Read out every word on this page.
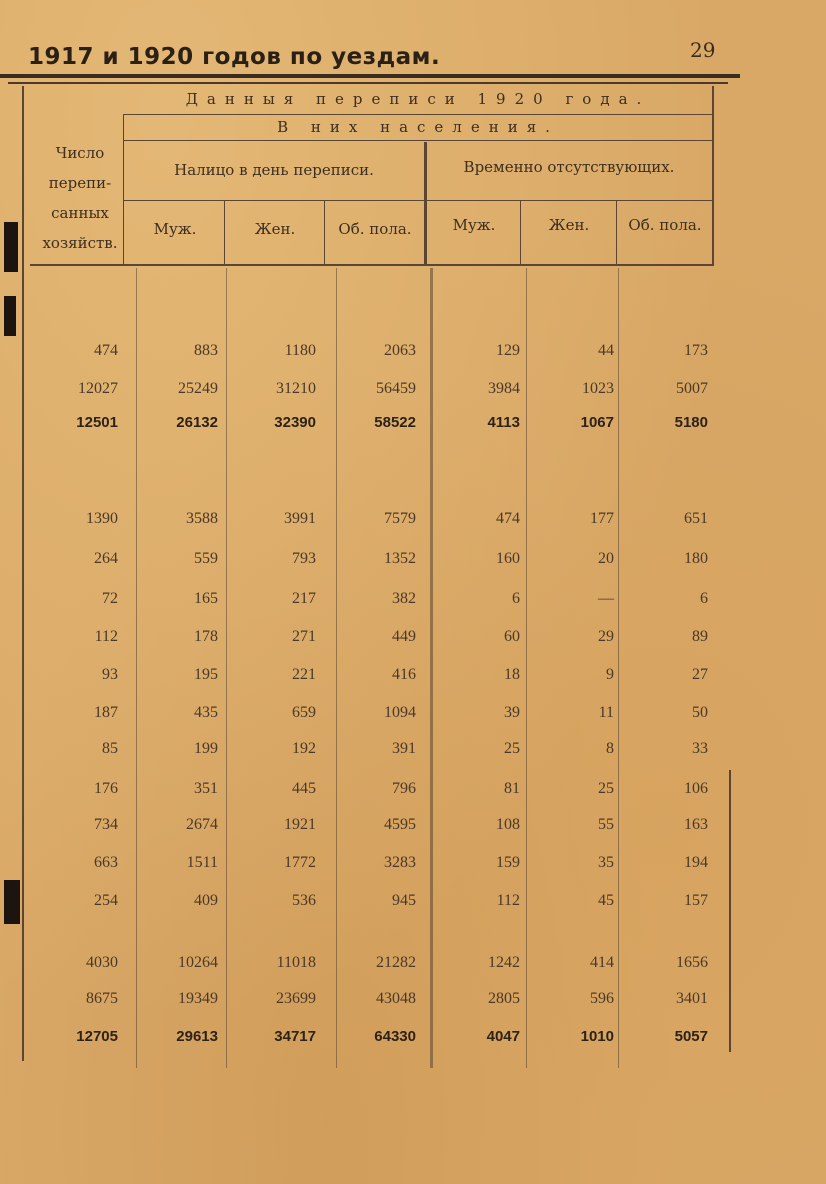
1917 и 1920 годов по уездам.	29
Данныя переписи 1920 года.
В них населения.
Число перепи-санных хозяйств.
Налицо в день переписи.	Временно отсутствующих.
Муж.	Жен.	Об. пола.	Муж.	Жен.	Об. пола.
474	883	1180	2063	129	44	173
12027	25249	31210	56459	3984	1023	5007
12501	26132	32390	58522	4113	1067	5180
1390	3588	3991	7579	474	177	651
264	559	793	1352	160	20	180
72	165	217	382	6	—	6
112	178	271	449	60	29	89
93	195	221	416	18	9	27
187	435	659	1094	39	11	50
85	199	192	391	25	8	33
176	351	445	796	81	25	106
734	2674	1921	4595	108	55	163
663	1511	1772	3283	159	35	194
254	409	536	945	112	45	157
4030	10264	11018	21282	1242	414	1656
8675	19349	23699	43048	2805	596	3401
12705	29613	34717	64330	4047	1010	5057
